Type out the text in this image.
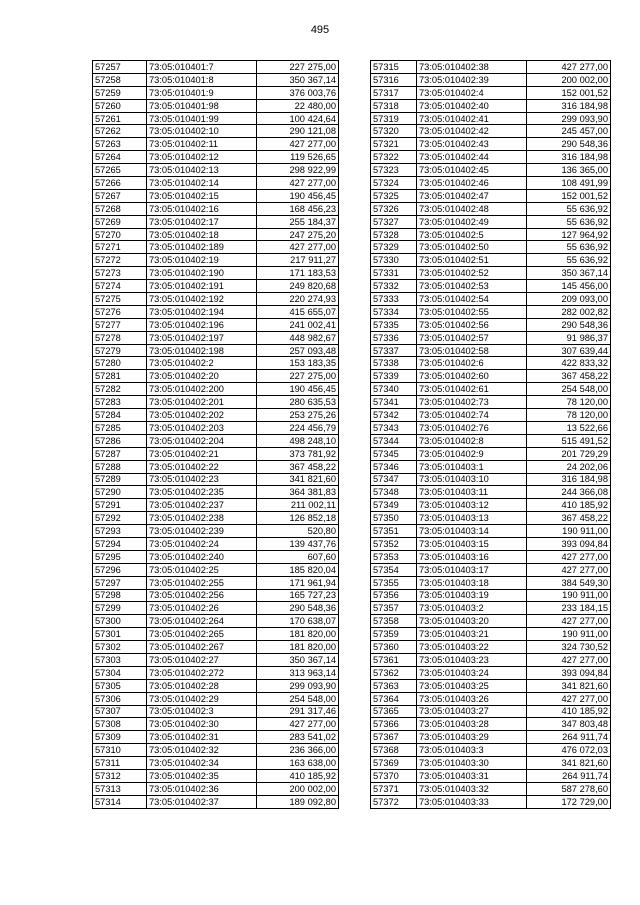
495
57257	73:05:010401:7	227 275,00
57258	73:05:010401:8	350 367,14
57259	73:05:010401:9	376 003,76
57260	73:05:010401:98	22 480,00
57261	73:05:010401:99	100 424,64
57262	73:05:010402:10	290 121,08
57263	73:05:010402:11	427 277,00
57264	73:05:010402:12	119 526,65
57265	73:05:010402:13	298 922,99
57266	73:05:010402:14	427 277,00
57267	73:05:010402:15	190 456,45
57268	73:05:010402:16	168 456,23
57269	73:05:010402:17	255 184,37
57270	73:05:010402:18	247 275,20
57271	73:05:010402:189	427 277,00
57272	73:05:010402:19	217 911,27
57273	73:05:010402:190	171 183,53
57274	73:05:010402:191	249 820,68
57275	73:05:010402:192	220 274,93
57276	73:05:010402:194	415 655,07
57277	73:05:010402:196	241 002,41
57278	73:05:010402:197	448 982,67
57279	73:05:010402:198	257 093,48
57280	73:05:010402:2	153 183,35
57281	73:05:010402:20	227 275,00
57282	73:05:010402:200	190 456,45
57283	73:05:010402:201	280 635,53
57284	73:05:010402:202	253 275,26
57285	73:05:010402:203	224 456,79
57286	73:05:010402:204	498 248,10
57287	73:05:010402:21	373 781,92
57288	73:05:010402:22	367 458,22
57289	73:05:010402:23	341 821,60
57290	73:05:010402:235	364 381,83
57291	73:05:010402:237	211 002,11
57292	73:05:010402:238	126 852,18
57293	73:05:010402:239	520,80
57294	73:05:010402:24	139 437,76
57295	73:05:010402:240	607,60
57296	73:05:010402:25	185 820,04
57297	73:05:010402:255	171 961,94
57298	73:05:010402:256	165 727,23
57299	73:05:010402:26	290 548,36
57300	73:05:010402:264	170 638,07
57301	73:05:010402:265	181 820,00
57302	73:05:010402:267	181 820,00
57303	73:05:010402:27	350 367,14
57304	73:05:010402:272	313 963,14
57305	73:05:010402:28	299 093,90
57306	73:05:010402:29	254 548,00
57307	73:05:010402:3	291 317,46
57308	73:05:010402:30	427 277,00
57309	73:05:010402:31	283 541,02
57310	73:05:010402:32	236 366,00
57311	73:05:010402:34	163 638,00
57312	73:05:010402:35	410 185,92
57313	73:05:010402:36	200 002,00
57314	73:05:010402:37	189 092,80
57315	73:05:010402:38	427 277,00
57316	73:05:010402:39	200 002,00
57317	73:05:010402:4	152 001,52
57318	73:05:010402:40	316 184,98
57319	73:05:010402:41	299 093,90
57320	73:05:010402:42	245 457,00
57321	73:05:010402:43	290 548,36
57322	73:05:010402:44	316 184,98
57323	73:05:010402:45	136 365,00
57324	73:05:010402:46	108 491,99
57325	73:05:010402:47	152 001,52
57326	73:05:010402:48	55 636,92
57327	73:05:010402:49	55 636,92
57328	73:05:010402:5	127 964,92
57329	73:05:010402:50	55 636,92
57330	73:05:010402:51	55 636,92
57331	73:05:010402:52	350 367,14
57332	73:05:010402:53	145 456,00
57333	73:05:010402:54	209 093,00
57334	73:05:010402:55	282 002,82
57335	73:05:010402:56	290 548,36
57336	73:05:010402:57	91 986,37
57337	73:05:010402:58	307 639,44
57338	73:05:010402:6	422 833,32
57339	73:05:010402:60	367 458,22
57340	73:05:010402:61	254 548,00
57341	73:05:010402:73	78 120,00
57342	73:05:010402:74	78 120,00
57343	73:05:010402:76	13 522,66
57344	73:05:010402:8	515 491,52
57345	73:05:010402:9	201 729,29
57346	73:05:010403:1	24 202,06
57347	73:05:010403:10	316 184,98
57348	73:05:010403:11	244 366,08
57349	73:05:010403:12	410 185,92
57350	73:05:010403:13	367 458,22
57351	73:05:010403:14	190 911,00
57352	73:05:010403:15	393 094,84
57353	73:05:010403:16	427 277,00
57354	73:05:010403:17	427 277,00
57355	73:05:010403:18	384 549,30
57356	73:05:010403:19	190 911,00
57357	73:05:010403:2	233 184,15
57358	73:05:010403:20	427 277,00
57359	73:05:010403:21	190 911,00
57360	73:05:010403:22	324 730,52
57361	73:05:010403:23	427 277,00
57362	73:05:010403:24	393 094,84
57363	73:05:010403:25	341 821,60
57364	73:05:010403:26	427 277,00
57365	73:05:010403:27	410 185,92
57366	73:05:010403:28	347 803,48
57367	73:05:010403:29	264 911,74
57368	73:05:010403:3	476 072,03
57369	73:05:010403:30	341 821,60
57370	73:05:010403:31	264 911,74
57371	73:05:010403:32	587 278,60
57372	73:05:010403:33	172 729,00
